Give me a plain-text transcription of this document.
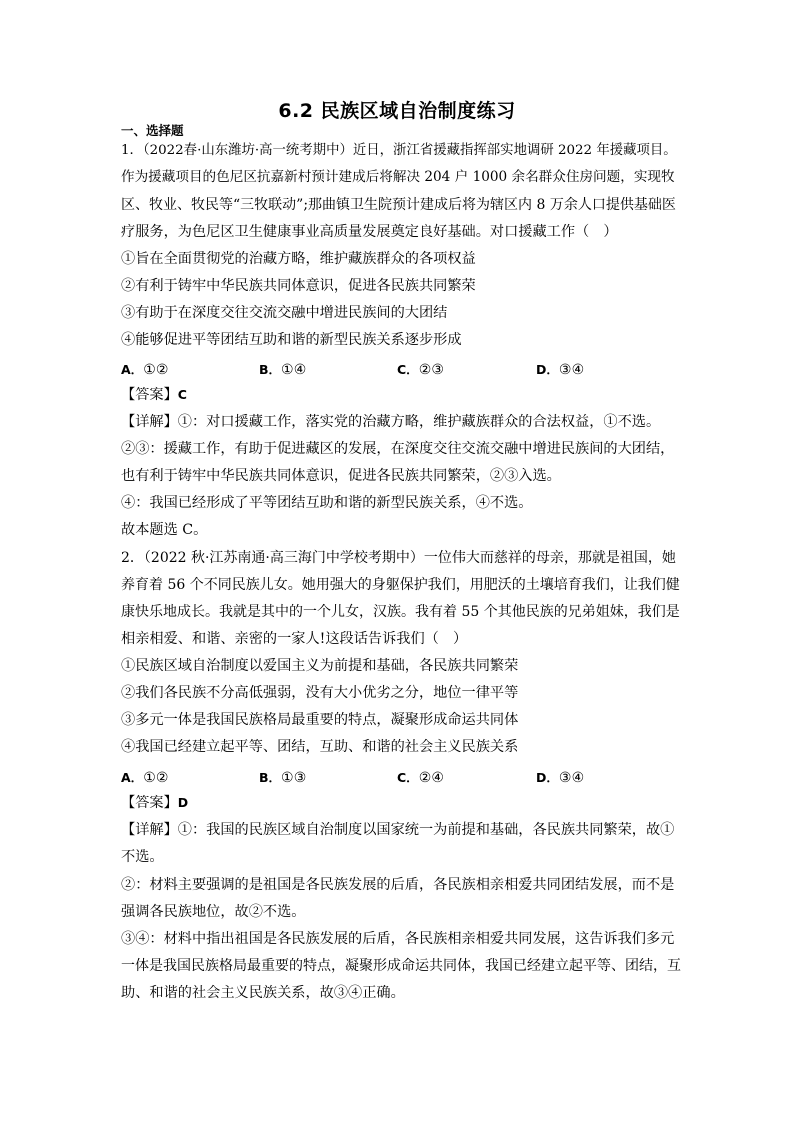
6.2 民族区域自治制度练习
一、选择题
1．（2022春·山东潍坊·高一统考期中）近日，浙江省援藏指挥部实地调研 2022 年援藏项目。
作为援藏项目的色尼区抗嘉新村预计建成后将解决 204 户 1000 余名群众住房问题，实现牧
区、牧业、牧民等“三牧联动”;那曲镇卫生院预计建成后将为辖区内 8 万余人口提供基础医
疗服务，为色尼区卫生健康事业高质量发展奠定良好基础。对口援藏工作（　）
①旨在全面贯彻党的治藏方略，维护藏族群众的各项权益
②有利于铸牢中华民族共同体意识，促进各民族共同繁荣
③有助于在深度交往交流交融中增进民族间的大团结
④能够促进平等团结互助和谐的新型民族关系逐步形成
A．①②	B．①④	C．②③	D．③④
【答案】C
【详解】①：对口援藏工作，落实党的治藏方略，维护藏族群众的合法权益，①不选。
②③：援藏工作，有助于促进藏区的发展，在深度交往交流交融中增进民族间的大团结，
也有利于铸牢中华民族共同体意识，促进各民族共同繁荣，②③入选。
④：我国已经形成了平等团结互助和谐的新型民族关系，④不选。
故本题选 C。
2．（2022 秋·江苏南通·高三海门中学校考期中）一位伟大而慈祥的母亲，那就是祖国，她
养育着 56 个不同民族儿女。她用强大的身躯保护我们，用肥沃的土壤培育我们，让我们健
康快乐地成长。我就是其中的一个儿女，汉族。我有着 55 个其他民族的兄弟姐妹，我们是
相亲相爱、和谐、亲密的一家人!这段话告诉我们（　）
①民族区域自治制度以爱国主义为前提和基础，各民族共同繁荣
②我们各民族不分高低强弱，没有大小优劣之分，地位一律平等
③多元一体是我国民族格局最重要的特点，凝聚形成命运共同体
④我国已经建立起平等、团结，互助、和谐的社会主义民族关系
A．①②	B．①③	C．②④	D．③④
【答案】D
【详解】①：我国的民族区域自治制度以国家统一为前提和基础，各民族共同繁荣，故①
不选。
②：材料主要强调的是祖国是各民族发展的后盾，各民族相亲相爱共同团结发展，而不是
强调各民族地位，故②不选。
③④：材料中指出祖国是各民族发展的后盾，各民族相亲相爱共同发展，这告诉我们多元
一体是我国民族格局最重要的特点，凝聚形成命运共同体，我国已经建立起平等、团结，互
助、和谐的社会主义民族关系，故③④正确。
